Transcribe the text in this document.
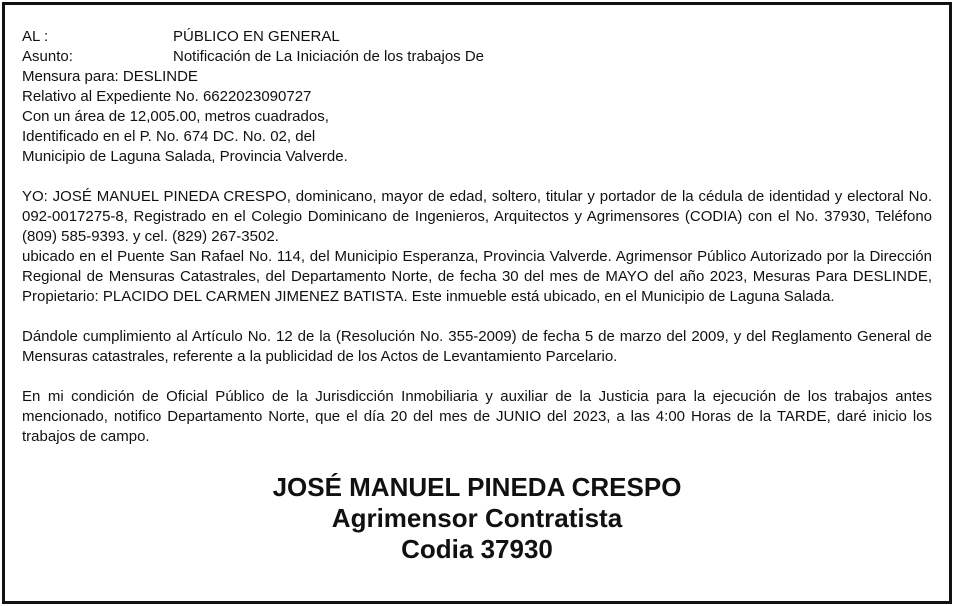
AL :	PÚBLICO EN GENERAL
Asunto:	Notificación de La Iniciación de los trabajos De
Mensura para: DESLINDE
Relativo al Expediente No. 6622023090727
Con un área de 12,005.00, metros cuadrados,
Identificado en el P. No. 674 DC. No. 02, del
Municipio de Laguna Salada, Provincia Valverde.

YO: JOSÉ MANUEL PINEDA CRESPO, dominicano, mayor de edad, soltero, titular y portador de la cédula de identidad y electoral No. 092-0017275-8, Registrado en el Colegio Dominicano de Ingenieros, Arquitectos y Agrimensores (CODIA) con el No. 37930, Teléfono (809) 585-9393. y cel. (829) 267-3502.

ubicado en el Puente San Rafael No. 114, del Municipio Esperanza, Provincia Valverde. Agrimensor Público Autorizado por la Dirección Regional de Mensuras Catastrales, del Departamento Norte, de fecha 30 del mes de MAYO del año 2023, Mesuras Para DESLINDE, Propietario: PLACIDO DEL CARMEN JIMENEZ BATISTA. Este inmueble está ubicado, en el Municipio de Laguna Salada.

Dándole cumplimiento al Artículo No. 12 de la (Resolución No. 355-2009) de fecha 5 de marzo del 2009, y del Reglamento General de Mensuras catastrales, referente a la publicidad de los Actos de Levantamiento Parcelario.

En mi condición de Oficial Público de la Jurisdicción Inmobiliaria y auxiliar de la Justicia para la ejecución de los trabajos antes mencionado, notifico Departamento Norte, que el día 20 del mes de JUNIO del 2023, a las 4:00 Horas de la TARDE, daré inicio los trabajos de campo.

JOSÉ MANUEL PINEDA CRESPO
Agrimensor Contratista
Codia 37930
